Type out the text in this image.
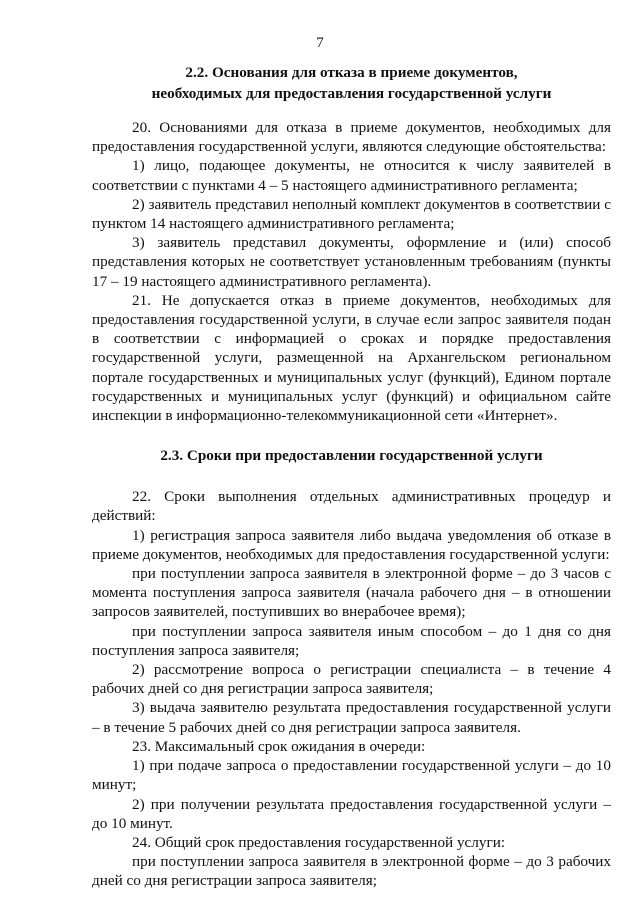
7
2.2. Основания для отказа в приеме документов,
необходимых для предоставления государственной услуги

20. Основаниями для отказа в приеме документов, необходимых для предоставления государственной услуги, являются следующие обстоятельства:

1) лицо, подающее документы, не относится к числу заявителей в соответствии с пунктами 4 – 5 настоящего административного регламента;

2) заявитель представил неполный комплект документов в соответствии с пунктом 14 настоящего административного регламента;

3) заявитель представил документы, оформление и (или) способ представления которых не соответствует установленным требованиям (пункты 17 – 19 настоящего административного регламента).

21. Не допускается отказ в приеме документов, необходимых для предоставления государственной услуги, в случае если запрос заявителя подан в соответствии с информацией о сроках и порядке предоставления государственной услуги, размещенной на Архангельском региональном портале государственных и муниципальных услуг (функций), Едином портале государственных и муниципальных услуг (функций) и официальном сайте инспекции в информационно-телекоммуникационной сети «Интернет».

2.3. Сроки при предоставлении государственной услуги

22. Сроки выполнения отдельных административных процедур и действий:

1) регистрация запроса заявителя либо выдача уведомления об отказе в приеме документов, необходимых для предоставления государственной услуги:

при поступлении запроса заявителя в электронной форме – до 3 часов с момента поступления запроса заявителя (начала рабочего дня – в отношении запросов заявителей, поступивших во внерабочее время);

при поступлении запроса заявителя иным способом – до 1 дня со дня поступления запроса заявителя;

2) рассмотрение вопроса о регистрации специалиста – в течение 4 рабочих дней со дня регистрации запроса заявителя;

3) выдача заявителю результата предоставления государственной услуги – в течение 5 рабочих дней со дня регистрации запроса заявителя.

23. Максимальный срок ожидания в очереди:

1) при подаче запроса о предоставлении государственной услуги – до 10 минут;

2) при получении результата предоставления государственной услуги – до 10 минут.

24. Общий срок предоставления государственной услуги:

при поступлении запроса заявителя в электронной форме – до 3 рабочих дней со дня регистрации запроса заявителя;
